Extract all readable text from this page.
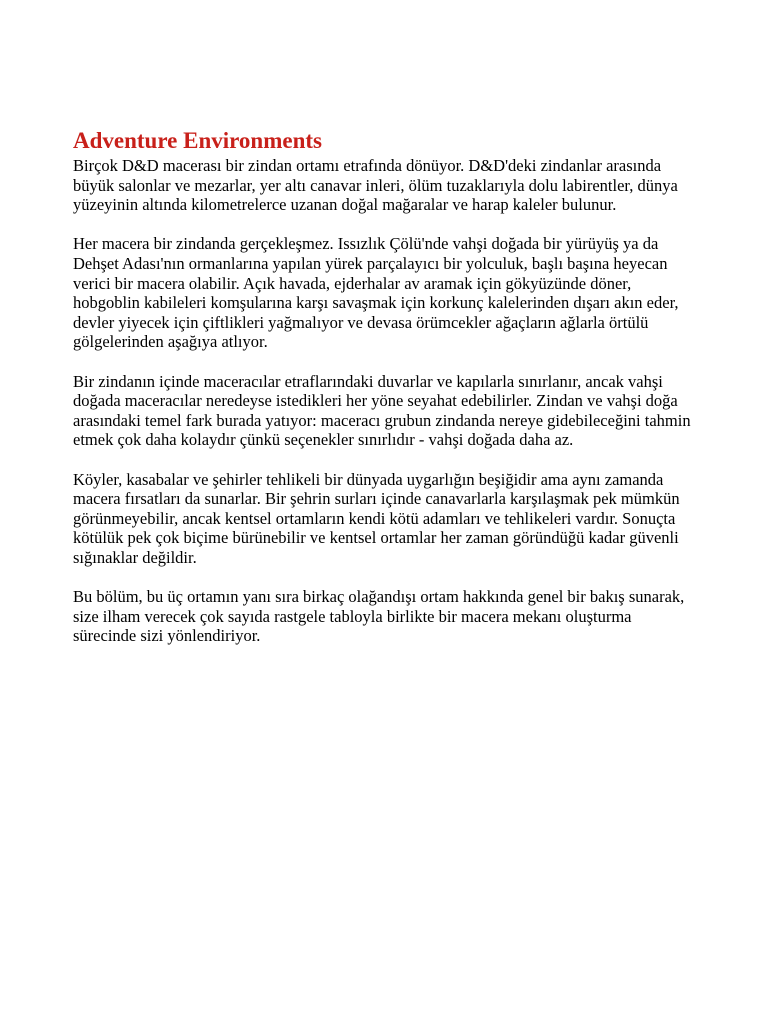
Adventure Environments

Birçok D&D macerası bir zindan ortamı etrafında dönüyor. D&D'deki zindanlar arasında büyük salonlar ve mezarlar, yer altı canavar inleri, ölüm tuzaklarıyla dolu labirentler, dünya yüzeyinin altında kilometrelerce uzanan doğal mağaralar ve harap kaleler bulunur.

Her macera bir zindanda gerçekleşmez. Issızlık Çölü'nde vahşi doğada bir yürüyüş ya da Dehşet Adası'nın ormanlarına yapılan yürek parçalayıcı bir yolculuk, başlı başına heyecan verici bir macera olabilir. Açık havada, ejderhalar av aramak için gökyüzünde döner, hobgoblin kabileleri komşularına karşı savaşmak için korkunç kalelerinden dışarı akın eder, devler yiyecek için çiftlikleri yağmalıyor ve devasa örümcekler ağaçların ağlarla örtülü gölgelerinden aşağıya atlıyor.

Bir zindanın içinde maceracılar etraflarındaki duvarlar ve kapılarla sınırlanır, ancak vahşi doğada maceracılar neredeyse istedikleri her yöne seyahat edebilirler. Zindan ve vahşi doğa arasındaki temel fark burada yatıyor: maceracı grubun zindanda nereye gidebileceğini tahmin etmek çok daha kolaydır çünkü seçenekler sınırlıdır - vahşi doğada daha az.

Köyler, kasabalar ve şehirler tehlikeli bir dünyada uygarlığın beşiğidir ama aynı zamanda macera fırsatları da sunarlar. Bir şehrin surları içinde canavarlarla karşılaşmak pek mümkün görünmeyebilir, ancak kentsel ortamların kendi kötü adamları ve tehlikeleri vardır. Sonuçta kötülük pek çok biçime bürünebilir ve kentsel ortamlar her zaman göründüğü kadar güvenli sığınaklar değildir.

Bu bölüm, bu üç ortamın yanı sıra birkaç olağandışı ortam hakkında genel bir bakış sunarak, size ilham verecek çok sayıda rastgele tabloyla birlikte bir macera mekanı oluşturma sürecinde sizi yönlendiriyor.
